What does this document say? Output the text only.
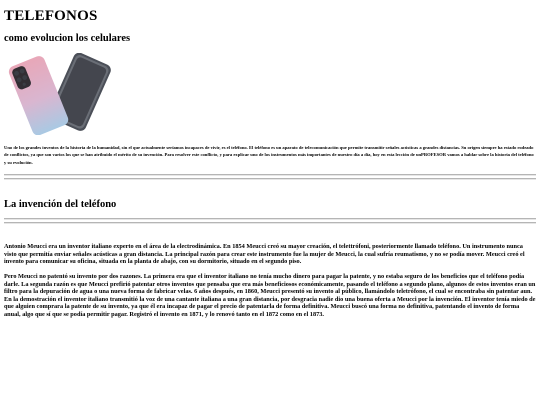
TELEFONOS
como evolucion los celulares

Uno de los grandes inventos de la historia de la humanidad, sin el que actualmente seríamos incapaces de vivir, es el teléfono. El teléfono es un aparato de telecomunicación que permite transmitir señales acústicas a grandes distancias. Su origen siempre ha estado rodeado de conflictos, ya que son varios los que se han atribuido el mérito de su invención. Para resolver este conflicto, y para explicar uno de los instrumentos más importantes de nuestro día a día, hoy en esta lección de unPROFESOR vamos a hablar sobre la historia del teléfono y su evolución.

La invención del teléfono

Antonio Meucci era un inventor italiano experto en el área de la electrodinámica. En 1854 Meucci creó su mayor creación, el telettrófoni, posteriormente llamado teléfono. Un instrumento nunca visto que permitía enviar señales acústicas a gran distancia. La principal razón para crear este instrumento fue la mujer de Meucci, la cual sufría reumatismo, y no se podía mover. Meucci creó el invento para comunicar su oficina, situada en la planta de abajo, con su dormitorio, situado en el segundo piso.

Pero Meucci no patentó su invento por dos razones. La primera era que el inventor italiano no tenía mucho dinero para pagar la patente, y no estaba seguro de los beneficios que el teléfono podía darle. La segunda razón es que Meucci prefirió patentar otros inventos que pensaba que era más beneficiosos económicamente, pasando el teléfono a segundo plano, algunos de estos inventos eran un filtro para la depuración de agua o una nueva forma de fabricar velas. 6 años después, en 1860, Meucci presentó su invento al público, llamándolo teletrófono, el cual se encontraba sin patentar aun. En la demostración el inventor italiano transmitió la voz de una cantante italiana a una gran distancia, por desgracia nadie dio una buena oferta a Meucci por la invención. El inventor tenía miedo de que alguien comprara la patente de su invento, ya que él era incapaz de pagar el precio de patentarla de forma definitiva. Meucci buscó una forma no definitiva, patentando el invento de forma anual, algo que sí que se podía permitir pagar. Registró el invento en 1871, y lo renovó tanto en el 1872 como en el 1873.
